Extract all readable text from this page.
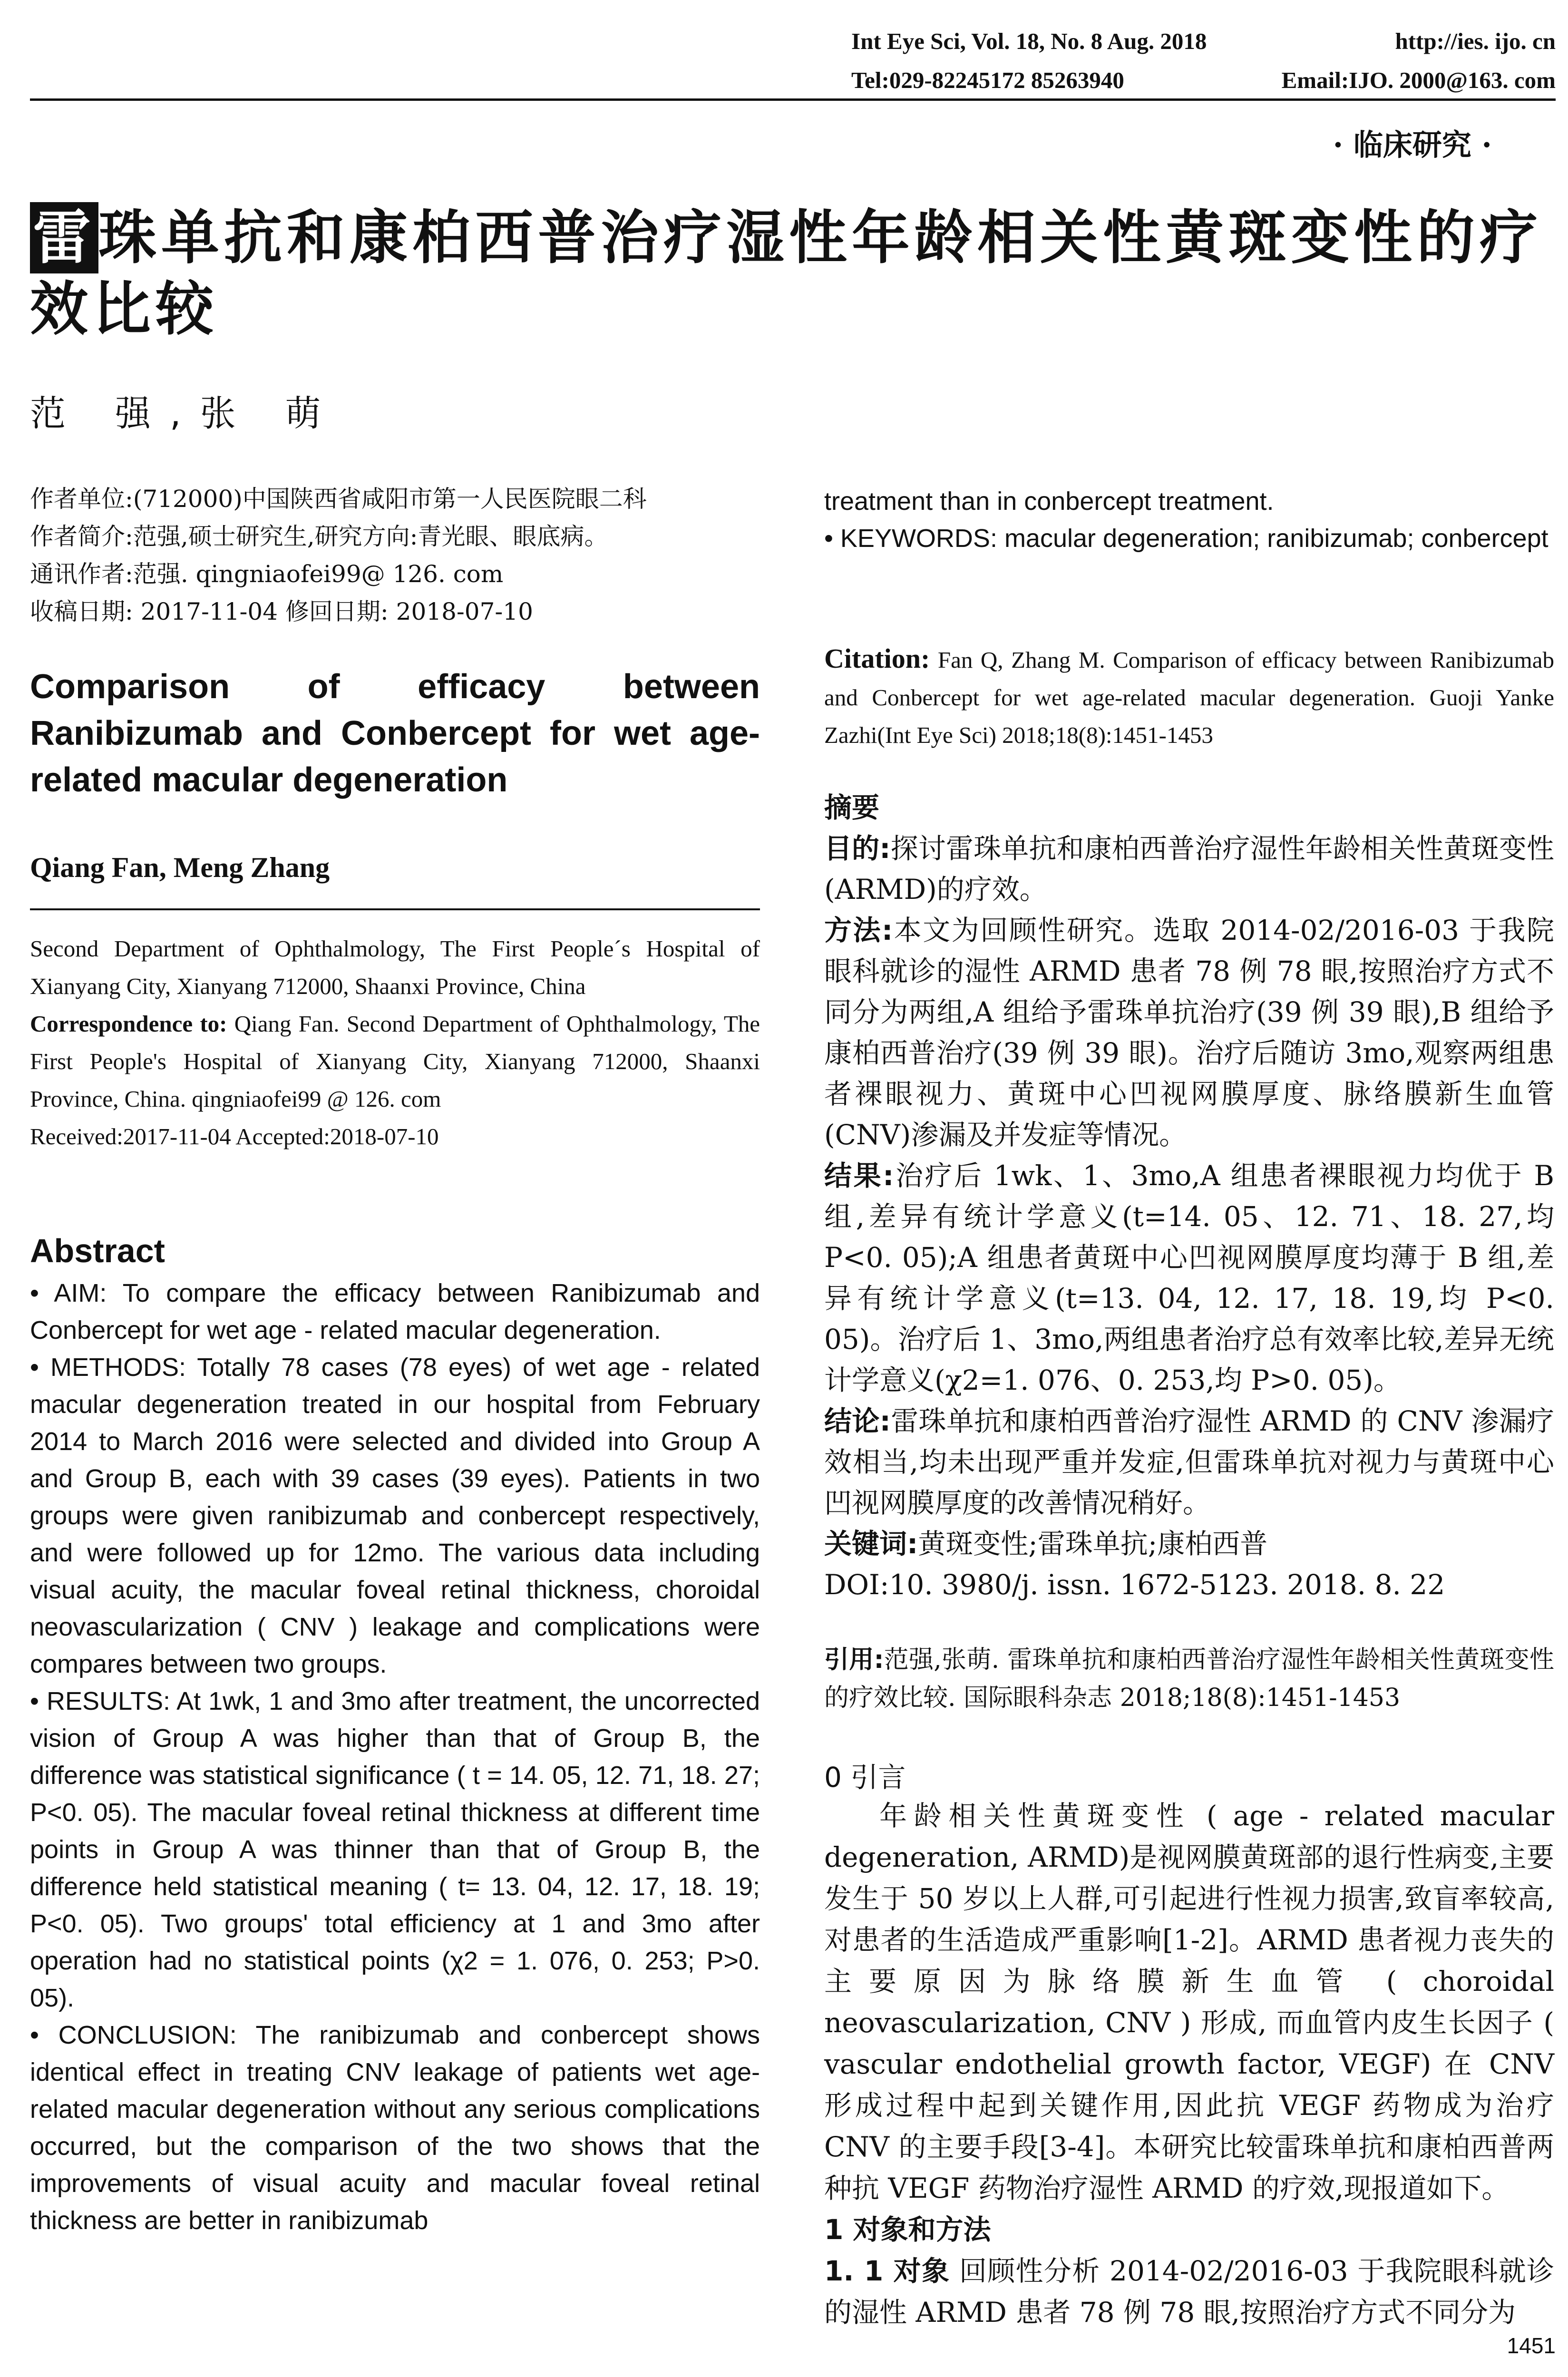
Int Eye Sci, Vol. 18, No. 8 Aug. 2018	http://ies. ijo. cn
Tel:029-82245172 85263940	Email:IJO. 2000@163. com
· 临床研究 ·
雷珠单抗和康柏西普治疗湿性年龄相关性黄斑变性的疗效比较
范 强,张 萌
作者单位:(712000)中国陕西省咸阳市第一人民医院眼二科
作者简介:范强,硕士研究生,研究方向:青光眼、眼底病。
通讯作者:范强. qingniaofei99@ 126. com
收稿日期: 2017-11-04 修回日期: 2018-07-10
Comparison of efficacy between Ranibizumab and Conbercept for wet age-related macular degeneration
Qiang Fan, Meng Zhang
Second Department of Ophthalmology, The First People´s Hospital of Xianyang City, Xianyang 712000, Shaanxi Province, China
Correspondence to: Qiang Fan. Second Department of Ophthalmology, The First People's Hospital of Xianyang City, Xianyang 712000, Shaanxi Province, China. qingniaofei99 @ 126. com
Received:2017-11-04 Accepted:2018-07-10
Abstract

• AIM: To compare the efficacy between Ranibizumab and Conbercept for wet age - related macular degeneration.

• METHODS: Totally 78 cases (78 eyes) of wet age - related macular degeneration treated in our hospital from February 2014 to March 2016 were selected and divided into Group A and Group B, each with 39 cases (39 eyes). Patients in two groups were given ranibizumab and conbercept respectively, and were followed up for 12mo. The various data including visual acuity, the macular foveal retinal thickness, choroidal neovascularization ( CNV ) leakage and complications were compares between two groups.

• RESULTS: At 1wk, 1 and 3mo after treatment, the uncorrected vision of Group A was higher than that of Group B, the difference was statistical significance ( t = 14. 05, 12. 71, 18. 27; P<0. 05). The macular foveal retinal thickness at different time points in Group A was thinner than that of Group B, the difference held statistical meaning ( t= 13. 04, 12. 17, 18. 19; P<0. 05). Two groups' total efficiency at 1 and 3mo after operation had no statistical points (χ2 = 1. 076, 0. 253; P>0. 05).

• CONCLUSION: The ranibizumab and conbercept shows identical effect in treating CNV leakage of patients wet age-related macular degeneration without any serious complications occurred, but the comparison of the two shows that the improvements of visual acuity and macular foveal retinal thickness are better in ranibizumab

treatment than in conbercept treatment.

• KEYWORDS: macular degeneration; ranibizumab; conbercept

Citation: Fan Q, Zhang M. Comparison of efficacy between Ranibizumab and Conbercept for wet age-related macular degeneration. Guoji Yanke Zazhi(Int Eye Sci) 2018;18(8):1451-1453

摘要

目的:探讨雷珠单抗和康柏西普治疗湿性年龄相关性黄斑变性(ARMD)的疗效。

方法:本文为回顾性研究。选取 2014-02/2016-03 于我院眼科就诊的湿性 ARMD 患者 78 例 78 眼,按照治疗方式不同分为两组,A 组给予雷珠单抗治疗(39 例 39 眼),B 组给予康柏西普治疗(39 例 39 眼)。治疗后随访 3mo,观察两组患者裸眼视力、黄斑中心凹视网膜厚度、脉络膜新生血管(CNV)渗漏及并发症等情况。

结果:治疗后 1wk、1、3mo,A 组患者裸眼视力均优于 B 组,差异有统计学意义(t=14. 05、12. 71、18. 27,均 P<0. 05);A 组患者黄斑中心凹视网膜厚度均薄于 B 组,差异有统计学意义(t=13. 04, 12. 17, 18. 19,均 P<0. 05)。治疗后 1、3mo,两组患者治疗总有效率比较,差异无统计学意义(χ2=1. 076、0. 253,均 P>0. 05)。

结论:雷珠单抗和康柏西普治疗湿性 ARMD 的 CNV 渗漏疗效相当,均未出现严重并发症,但雷珠单抗对视力与黄斑中心凹视网膜厚度的改善情况稍好。

关键词:黄斑变性;雷珠单抗;康柏西普

DOI:10. 3980/j. issn. 1672-5123. 2018. 8. 22

引用:范强,张萌. 雷珠单抗和康柏西普治疗湿性年龄相关性黄斑变性的疗效比较. 国际眼科杂志 2018;18(8):1451-1453
0 引言

年龄相关性黄斑变性 ( age - related macular degeneration, ARMD)是视网膜黄斑部的退行性病变,主要发生于 50 岁以上人群,可引起进行性视力损害,致盲率较高,对患者的生活造成严重影响[1-2]。ARMD 患者视力丧失的主要原因为脉络膜新生血管 ( choroidal neovascularization, CNV ) 形成, 而血管内皮生长因子 ( vascular endothelial growth factor, VEGF) 在 CNV 形成过程中起到关键作用,因此抗 VEGF 药物成为治疗 CNV 的主要手段[3-4]。本研究比较雷珠单抗和康柏西普两种抗 VEGF 药物治疗湿性 ARMD 的疗效,现报道如下。

1 对象和方法

1. 1 对象 回顾性分析 2014-02/2016-03 于我院眼科就诊的湿性 ARMD 患者 78 例 78 眼,按照治疗方式不同分为

1451
